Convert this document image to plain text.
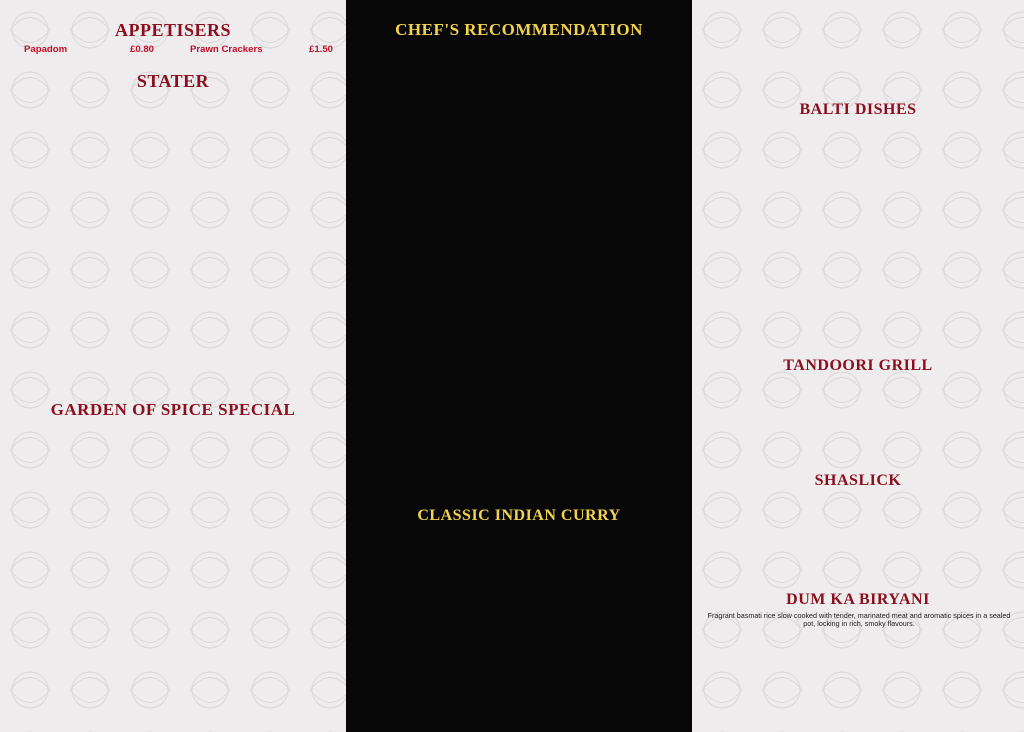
APPETISERS
Papadom	£0.80	Prawn Crackers	£1.50
STATER
GARDEN OF SPICE SPECIAL
CHEF'S RECOMMENDATION
CLASSIC INDIAN CURRY
BALTI DISHES
TANDOORI GRILL
SHASLICK
DUM KA BIRYANI
Fragrant basmati rice slow cooked with tender, marinated meat and aromatic spices in a sealed pot, locking in rich, smoky flavours.
